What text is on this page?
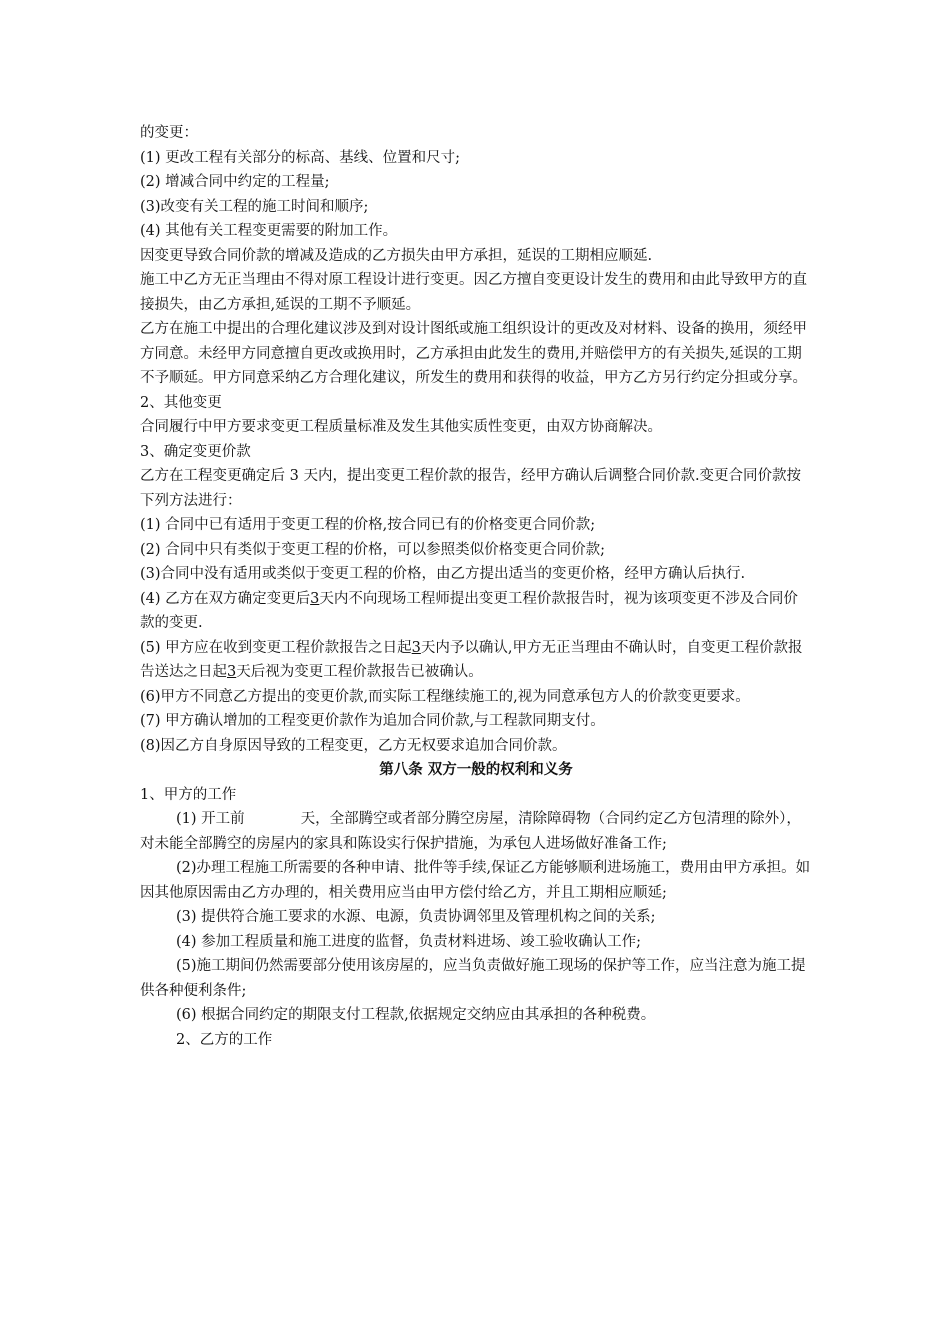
的变更：

(1) 更改工程有关部分的标高、基线、位置和尺寸;

(2) 增减合同中约定的工程量;

(3)改变有关工程的施工时间和顺序;

(4) 其他有关工程变更需要的附加工作。

因变更导致合同价款的增减及造成的乙方损失由甲方承担，延误的工期相应顺延.

施工中乙方无正当理由不得对原工程设计进行变更。因乙方擅自变更设计发生的费用和由此导致甲方的直接损失，由乙方承担,延误的工期不予顺延。

乙方在施工中提出的合理化建议涉及到对设计图纸或施工组织设计的更改及对材料、设备的换用，须经甲方同意。未经甲方同意擅自更改或换用时，乙方承担由此发生的费用,并赔偿甲方的有关损失,延误的工期不予顺延。甲方同意采纳乙方合理化建议，所发生的费用和获得的收益，甲方乙方另行约定分担或分享。

2、其他变更

合同履行中甲方要求变更工程质量标准及发生其他实质性变更，由双方协商解决。

3、确定变更价款

乙方在工程变更确定后 3 天内，提出变更工程价款的报告，经甲方确认后调整合同价款.变更合同价款按下列方法进行：

(1) 合同中已有适用于变更工程的价格,按合同已有的价格变更合同价款;

(2) 合同中只有类似于变更工程的价格，可以参照类似价格变更合同价款;

(3)合同中没有适用或类似于变更工程的价格，由乙方提出适当的变更价格，经甲方确认后执行.

(4) 乙方在双方确定变更后3天内不向现场工程师提出变更工程价款报告时，视为该项变更不涉及合同价款的变更.

(5) 甲方应在收到变更工程价款报告之日起3天内予以确认,甲方无正当理由不确认时，自变更工程价款报告送达之日起3天后视为变更工程价款报告已被确认。

(6)甲方不同意乙方提出的变更价款,而实际工程继续施工的,视为同意承包方人的价款变更要求。

(7) 甲方确认增加的工程变更价款作为追加合同价款,与工程款同期支付。

(8)因乙方自身原因导致的工程变更，乙方无权要求追加合同价款。

第八条 双方一般的权利和义务

1、甲方的工作

(1) 开工前	天，全部腾空或者部分腾空房屋，清除障碍物（合同约定乙方包清理的除外），对未能全部腾空的房屋内的家具和陈设实行保护措施，为承包人进场做好准备工作;

(2)办理工程施工所需要的各种申请、批件等手续,保证乙方能够顺利进场施工，费用由甲方承担。如因其他原因需由乙方办理的，相关费用应当由甲方偿付给乙方，并且工期相应顺延;

(3) 提供符合施工要求的水源、电源，负责协调邻里及管理机构之间的关系;

(4) 参加工程质量和施工进度的监督，负责材料进场、竣工验收确认工作;

(5)施工期间仍然需要部分使用该房屋的，应当负责做好施工现场的保护等工作，应当注意为施工提供各种便利条件;

(6) 根据合同约定的期限支付工程款,依据规定交纳应由其承担的各种税费。

2、乙方的工作
